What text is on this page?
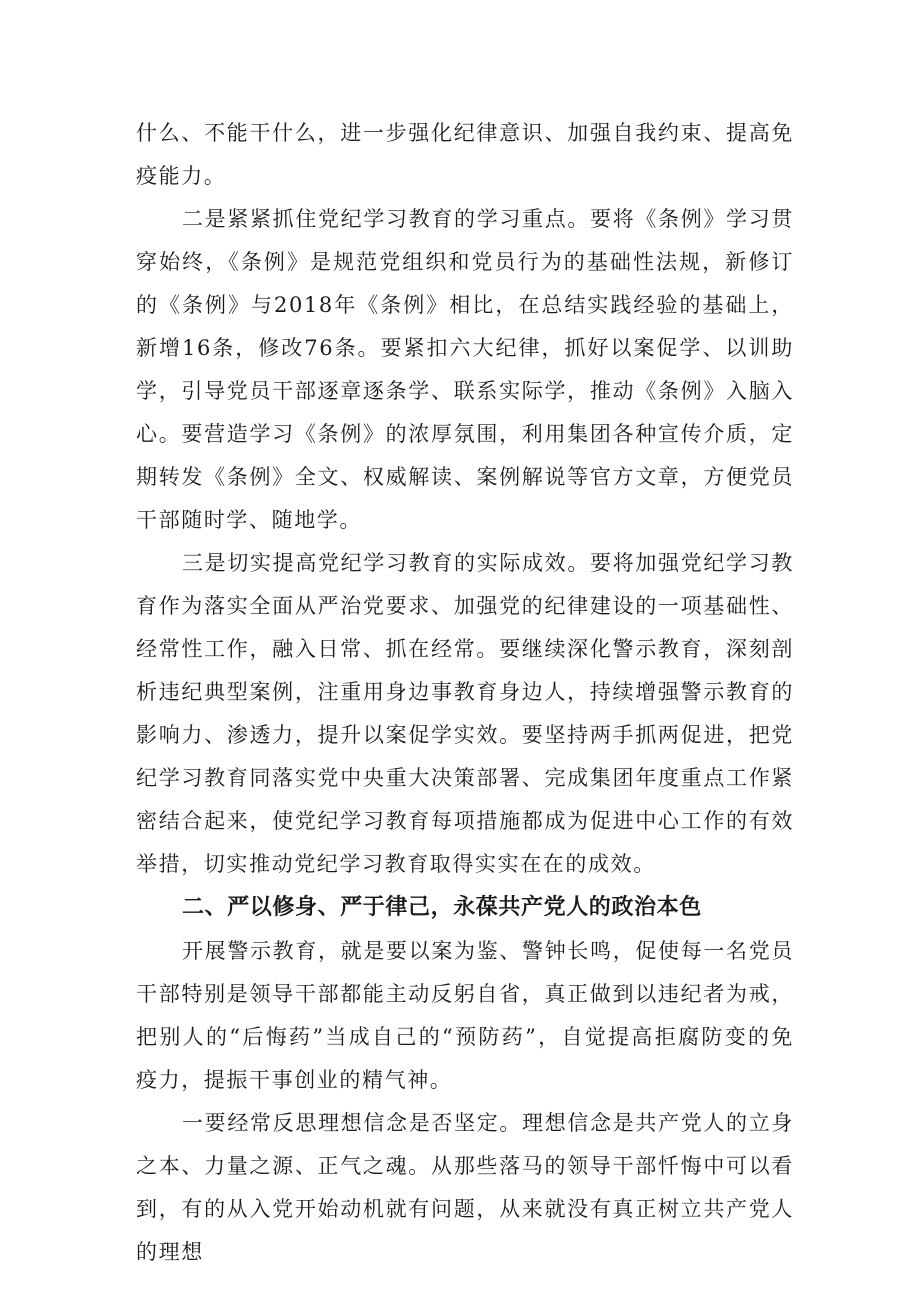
什么、不能干什么，进一步强化纪律意识、加强自我约束、提高免疫能力。

二是紧紧抓住党纪学习教育的学习重点。要将《条例》学习贯穿始终，《条例》是规范党组织和党员行为的基础性法规，新修订的《条例》与2018年《条例》相比，在总结实践经验的基础上，新增16条，修改76条。要紧扣六大纪律，抓好以案促学、以训助学，引导党员干部逐章逐条学、联系实际学，推动《条例》入脑入心。要营造学习《条例》的浓厚氛围，利用集团各种宣传介质，定期转发《条例》全文、权威解读、案例解说等官方文章，方便党员干部随时学、随地学。

三是切实提高党纪学习教育的实际成效。要将加强党纪学习教育作为落实全面从严治党要求、加强党的纪律建设的一项基础性、经常性工作，融入日常、抓在经常。要继续深化警示教育，深刻剖析违纪典型案例，注重用身边事教育身边人，持续增强警示教育的影响力、渗透力，提升以案促学实效。要坚持两手抓两促进，把党纪学习教育同落实党中央重大决策部署、完成集团年度重点工作紧密结合起来，使党纪学习教育每项措施都成为促进中心工作的有效举措，切实推动党纪学习教育取得实实在在的成效。

二、严以修身、严于律己，永葆共产党人的政治本色

开展警示教育，就是要以案为鉴、警钟长鸣，促使每一名党员干部特别是领导干部都能主动反躬自省，真正做到以违纪者为戒，把别人的“后悔药”当成自己的“预防药”，自觉提高拒腐防变的免疫力，提振干事创业的精气神。

一要经常反思理想信念是否坚定。理想信念是共产党人的立身之本、力量之源、正气之魂。从那些落马的领导干部忏悔中可以看到，有的从入党开始动机就有问题，从来就没有真正树立共产党人的理想
